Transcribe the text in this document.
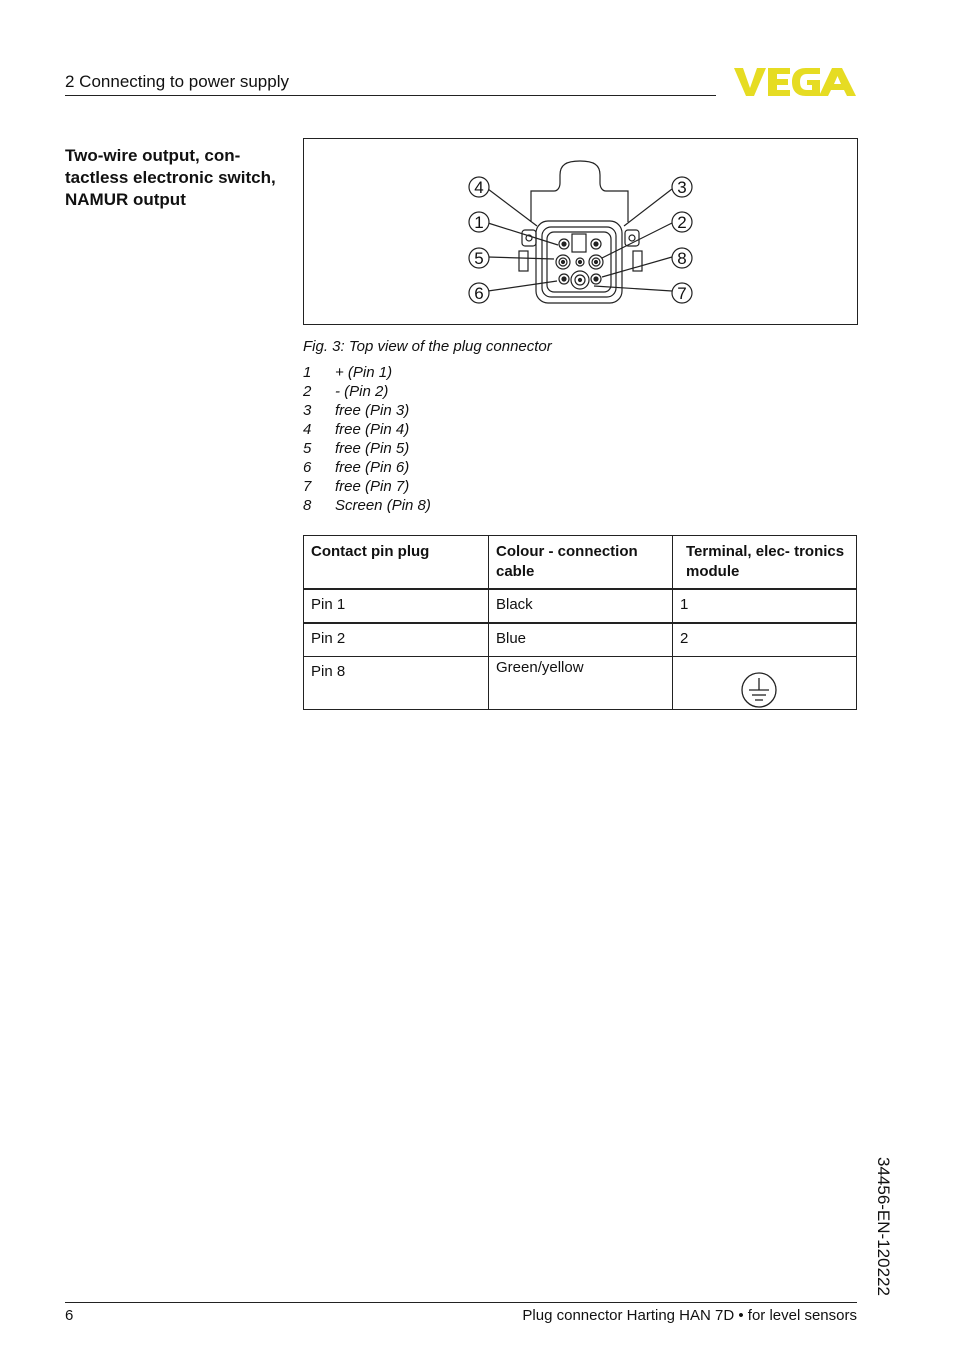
2 Connecting to power supply
Two-wire output, con- tactless electronic switch, NAMUR output
4
1
5
6
3
2
8
7
Fig. 3: Top view of the plug connector
1 + (Pin 1)
2 - (Pin 2)
3 free (Pin 3)
4 free (Pin 4)
5 free (Pin 5)
6 free (Pin 6)
7 free (Pin 7)
8 Screen (Pin 8)
Contact pin plug	Colour - connection cable	Terminal, elec- tronics module
Pin 1	Black	1
Pin 2	Blue	2
Pin 8	Green/yellow	
34456-EN-120222
6	Plug connector Harting HAN 7D • for level sensors
